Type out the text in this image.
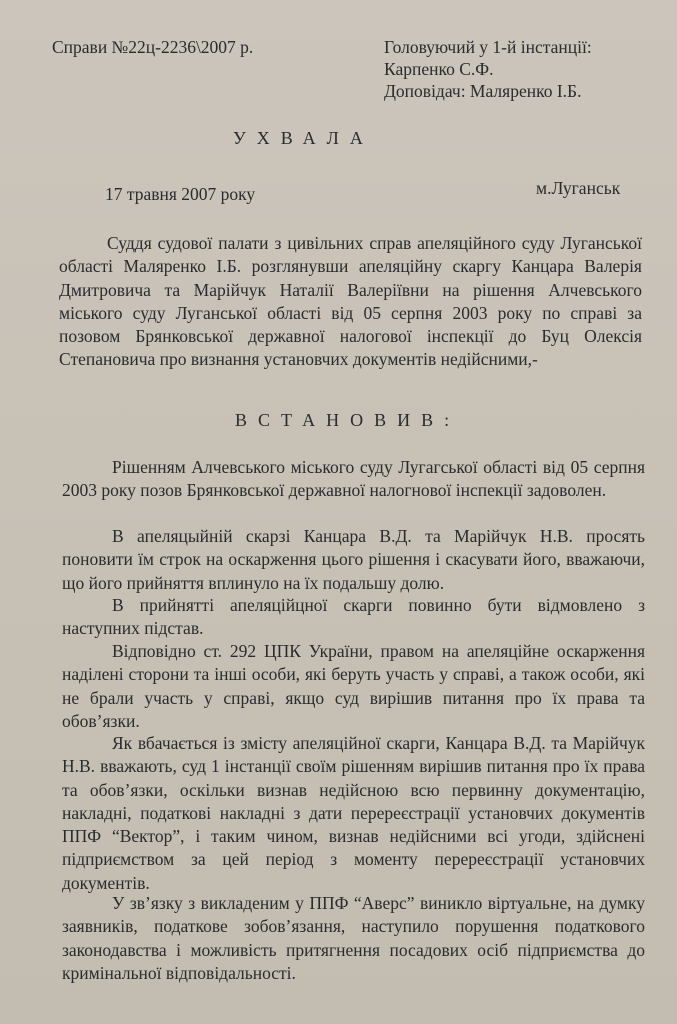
Справи №22ц-2236\2007 р.	Головуючий у 1-й інстанції:
Карпенко С.Ф.
Доповідач: Маляренко І.Б.
УХВАЛА
17 травня 2007 року	м.Луганськ
Суддя судової палати з цивільних справ апеляційного суду Луганської області Маляренко І.Б. розглянувши апеляційну скаргу Канцара Валерія Дмитровича та Марійчук Наталії Валеріївни на рішення Алчевського міського суду Луганської області від 05 серпня 2003 року по справі за позовом Брянковської державної налогової інспекції до Буц Олексія Степановича про визнання установчих документів недійсними,-
ВСТАНОВИВ:
Рішенням Алчевського міського суду Лугагської області від 05 серпня 2003 року позов Брянковської державної налогнової інспекції задоволен.
В апеляцыйній скарзі Канцара В.Д. та Марійчук Н.В. просять поновити їм строк на оскарження цього рішення і скасувати його, вважаючи, що його прийняття вплинуло на їх подальшу долю.
В прийнятті апеляційцної скарги повинно бути відмовлено з наступних підстав.
Відповідно ст. 292 ЦПК України, правом на апеляційне оскарження наділені сторони та інші особи, які беруть участь у справі, а також особи, які не брали участь у справі, якщо суд вирішив питання про їх права та обов’язки.
Як вбачається із змісту апеляційної скарги, Канцара В.Д. та Марійчук Н.В. вважають, суд 1 інстанції своїм рішенням вирішив питання про їх права та обов’язки, оскільки визнав недійсною всю первинну документацію, накладні, податкові накладні з дати перереєстрації установчих документів ППФ “Вектор”, і таким чином, визнав недійсними всі угоди, здійснені підприємством за цей період з моменту перереєстрації установчих документів.
У зв’язку з викладеним у ППФ “Аверс” виникло віртуальне, на думку заявників, податкове зобов’язання, наступило порушення податкового законодавства і можливість притягнення посадових осіб підприємства до кримінальної відповідальності.
